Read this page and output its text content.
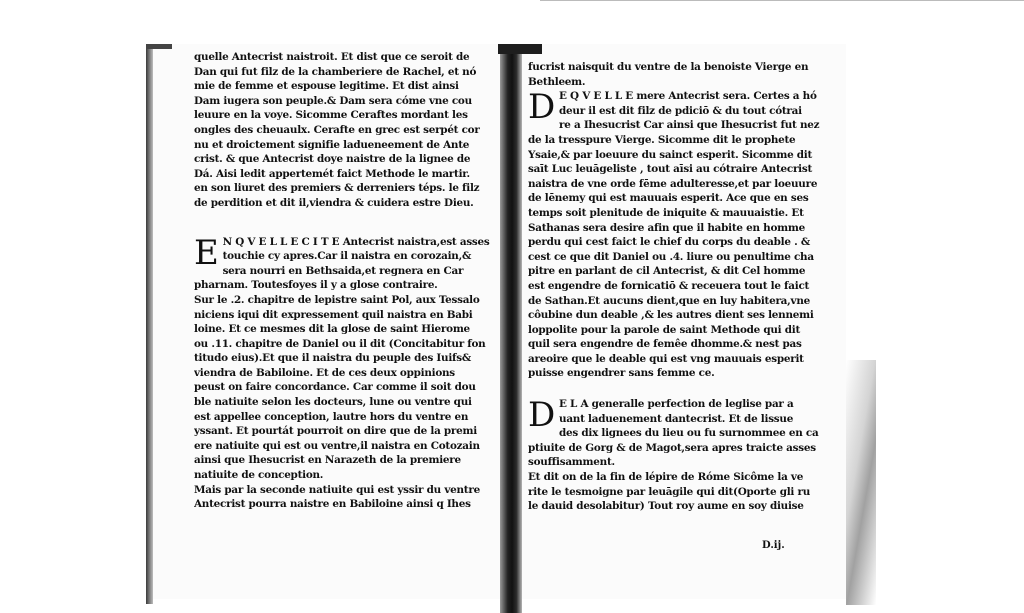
quelle Antecrist naistroit. Et dist que ce seroit de
Dan qui fut filz de la chamberiere de Rachel, et nó
mie de femme et espouse legitime. Et dist ainsi
Dam iugera son peuple.& Dam sera cóme vne cou
leuure en la voye. Sicomme Ceraftes mordant les
ongles des cheuaulx. Cerafte en grec est serpét cor
nu et droictement signifie ladueneement de Ante
crist. & que Antecrist doye naistre de la lignee de
Dá. Aisi ledit appertemét faict Methode le martir.
en son liuret des premiers & derreniers téps. le filz
de perdition et dit il,viendra & cuidera estre Dieu.
E N Q V E L L E C I T E Antecrist naistra,est asses
touchie cy apres.Car il naistra en corozain,&
sera nourri en Bethsaida,et regnera en Car
pharnam. Toutesfoyes il y a glose contraire.
Sur le .2. chapitre de lepistre saint Pol, aux Tessalo
niciens iqui dit expressement quil naistra en Babi
loine. Et ce mesmes dit la glose de saint Hierome
ou .11. chapitre de Daniel ou il dit (Concitabitur fon
titudo eius).Et que il naistra du peuple des Iuifs&
viendra de Babiloine. Et de ces deux oppinions
peust on faire concordance. Car comme il soit dou
ble natiuite selon les docteurs, lune ou ventre qui
est appellee conception, lautre hors du ventre en
yssant. Et pourtát pourroit on dire que de la premi
ere natiuite qui est ou ventre,il naistra en Cotozain
ainsi que Ihesucrist en Narazeth de la premiere
natiuite de conception.
Mais par la seconde natiuite qui est yssir du ventre
Antecrist pourra naistre en Babiloine ainsi q Ihes
fucrist naisquit du ventre de la benoiste Vierge en
Bethleem.
D E Q V E L L E mere Antecrist sera. Certes a hó
deur il est dit filz de pdiciō & du tout cótrai
re a Ihesucrist Car ainsi que Ihesucrist fut nez
de la tresspure Vierge. Sicomme dit le prophete
Ysaie,& par loeuure du sainct esperit. Sicomme dit
saīt Luc leuāgeliste , tout aīsi au cótraire Antecrist
naistra de vne orde fēme adulteresse,et par loeuure
de lēnemy qui est mauuais esperit. Ace que en ses
temps soit plenitude de iniquite & mauuaistie. Et
Sathanas sera desire afin que il habite en homme
perdu qui cest faict le chief du corps du deable . &
cest ce que dit Daniel ou .4. liure ou penultime cha
pitre en parlant de cil Antecrist, & dit Cel homme
est engendre de fornicatiō & receuera tout le faict
de Sathan.Et aucuns dient,que en luy habitera,vne
côubine dun deable ,& les autres dient ses lennemi
loppolite pour la parole de saint Methode qui dit
quil sera engendre de femêe dhomme.& nest pas
areoire que le deable qui est vng mauuais esperit
puisse engendrer sans femme ce.
D E L A generalle perfection de leglise par a
uant laduenement dantecrist. Et de lissue
des dix lignees du lieu ou fu surnommee en ca
ptiuite de Gorg & de Magot,sera apres traicte asses
souffisamment.
Et dit on de la fin de lépire de Róme Sicôme la ve
rite le tesmoigne par leuāgile qui dit(Oporte gli ru
le dauid desolabitur) Tout roy aume en soy diuise
D.ij.
